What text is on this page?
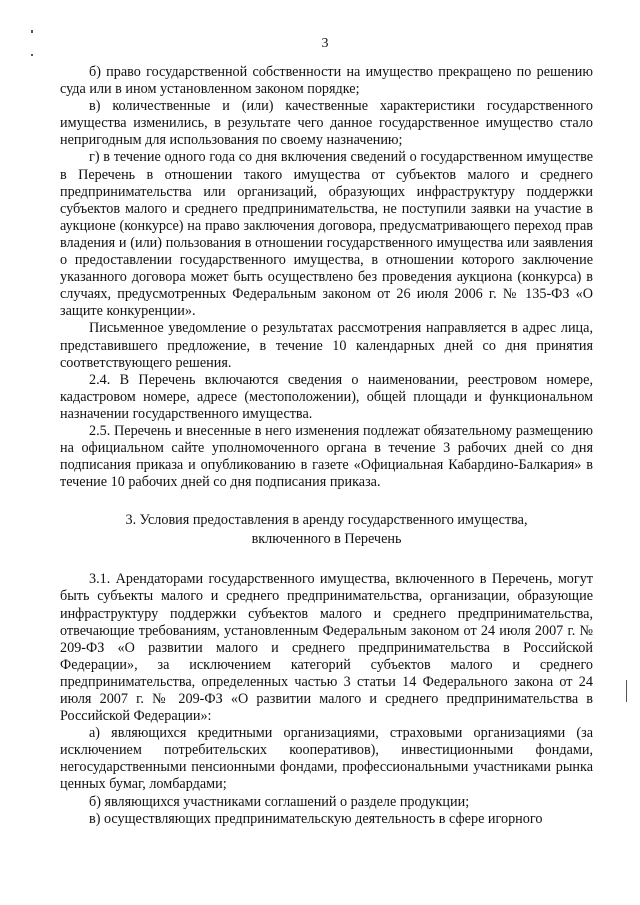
3

б) право государственной собственности на имущество прекращено по решению суда или в ином установленном законом порядке;

в) количественные и (или) качественные характеристики государственного имущества изменились, в результате чего данное государственное имущество стало непригодным для использования по своему назначению;

г) в течение одного года со дня включения сведений о государственном имуществе в Перечень в отношении такого имущества от субъектов малого и среднего предпринимательства или организаций, образующих инфраструктуру поддержки субъектов малого и среднего предпринимательства, не поступили заявки на участие в аукционе (конкурсе) на право заключения договора, предусматривающего переход прав владения и (или) пользования в отношении государственного имущества или заявления о предоставлении государственного имущества, в отношении которого заключение указанного договора может быть осуществлено без проведения аукциона (конкурса) в случаях, предусмотренных Федеральным законом от 26 июля 2006 г. № 135-ФЗ «О защите конкуренции».

Письменное уведомление о результатах рассмотрения направляется в адрес лица, представившего предложение, в течение 10 календарных дней со дня принятия соответствующего решения.

2.4. В Перечень включаются сведения о наименовании, реестровом номере, кадастровом номере, адресе (местоположении), общей площади и функциональном назначении государственного имущества.

2.5. Перечень и внесенные в него изменения подлежат обязательному размещению на официальном сайте уполномоченного органа в течение 3 рабочих дней со дня подписания приказа и опубликованию в газете «Официальная Кабардино-Балкария» в течение 10 рабочих дней со дня подписания приказа.

3. Условия предоставления в аренду государственного имущества,
включенного в Перечень

3.1. Арендаторами государственного имущества, включенного в Перечень, могут быть субъекты малого и среднего предпринимательства, организации, образующие инфраструктуру поддержки субъектов малого и среднего предпринимательства, отвечающие требованиям, установленным Федеральным законом от 24 июля 2007 г. № 209-ФЗ «О развитии малого и среднего предпринимательства в Российской Федерации», за исключением категорий субъектов малого и среднего предпринимательства, определенных частью 3 статьи 14 Федерального закона от 24 июля 2007 г. № 209-ФЗ «О развитии малого и среднего предпринимательства в Российской Федерации»:

а) являющихся кредитными организациями, страховыми организациями (за исключением потребительских кооперативов), инвестиционными фондами, негосударственными пенсионными фондами, профессиональными участниками рынка ценных бумаг, ломбардами;

б) являющихся участниками соглашений о разделе продукции;

в) осуществляющих предпринимательскую деятельность в сфере игорного
